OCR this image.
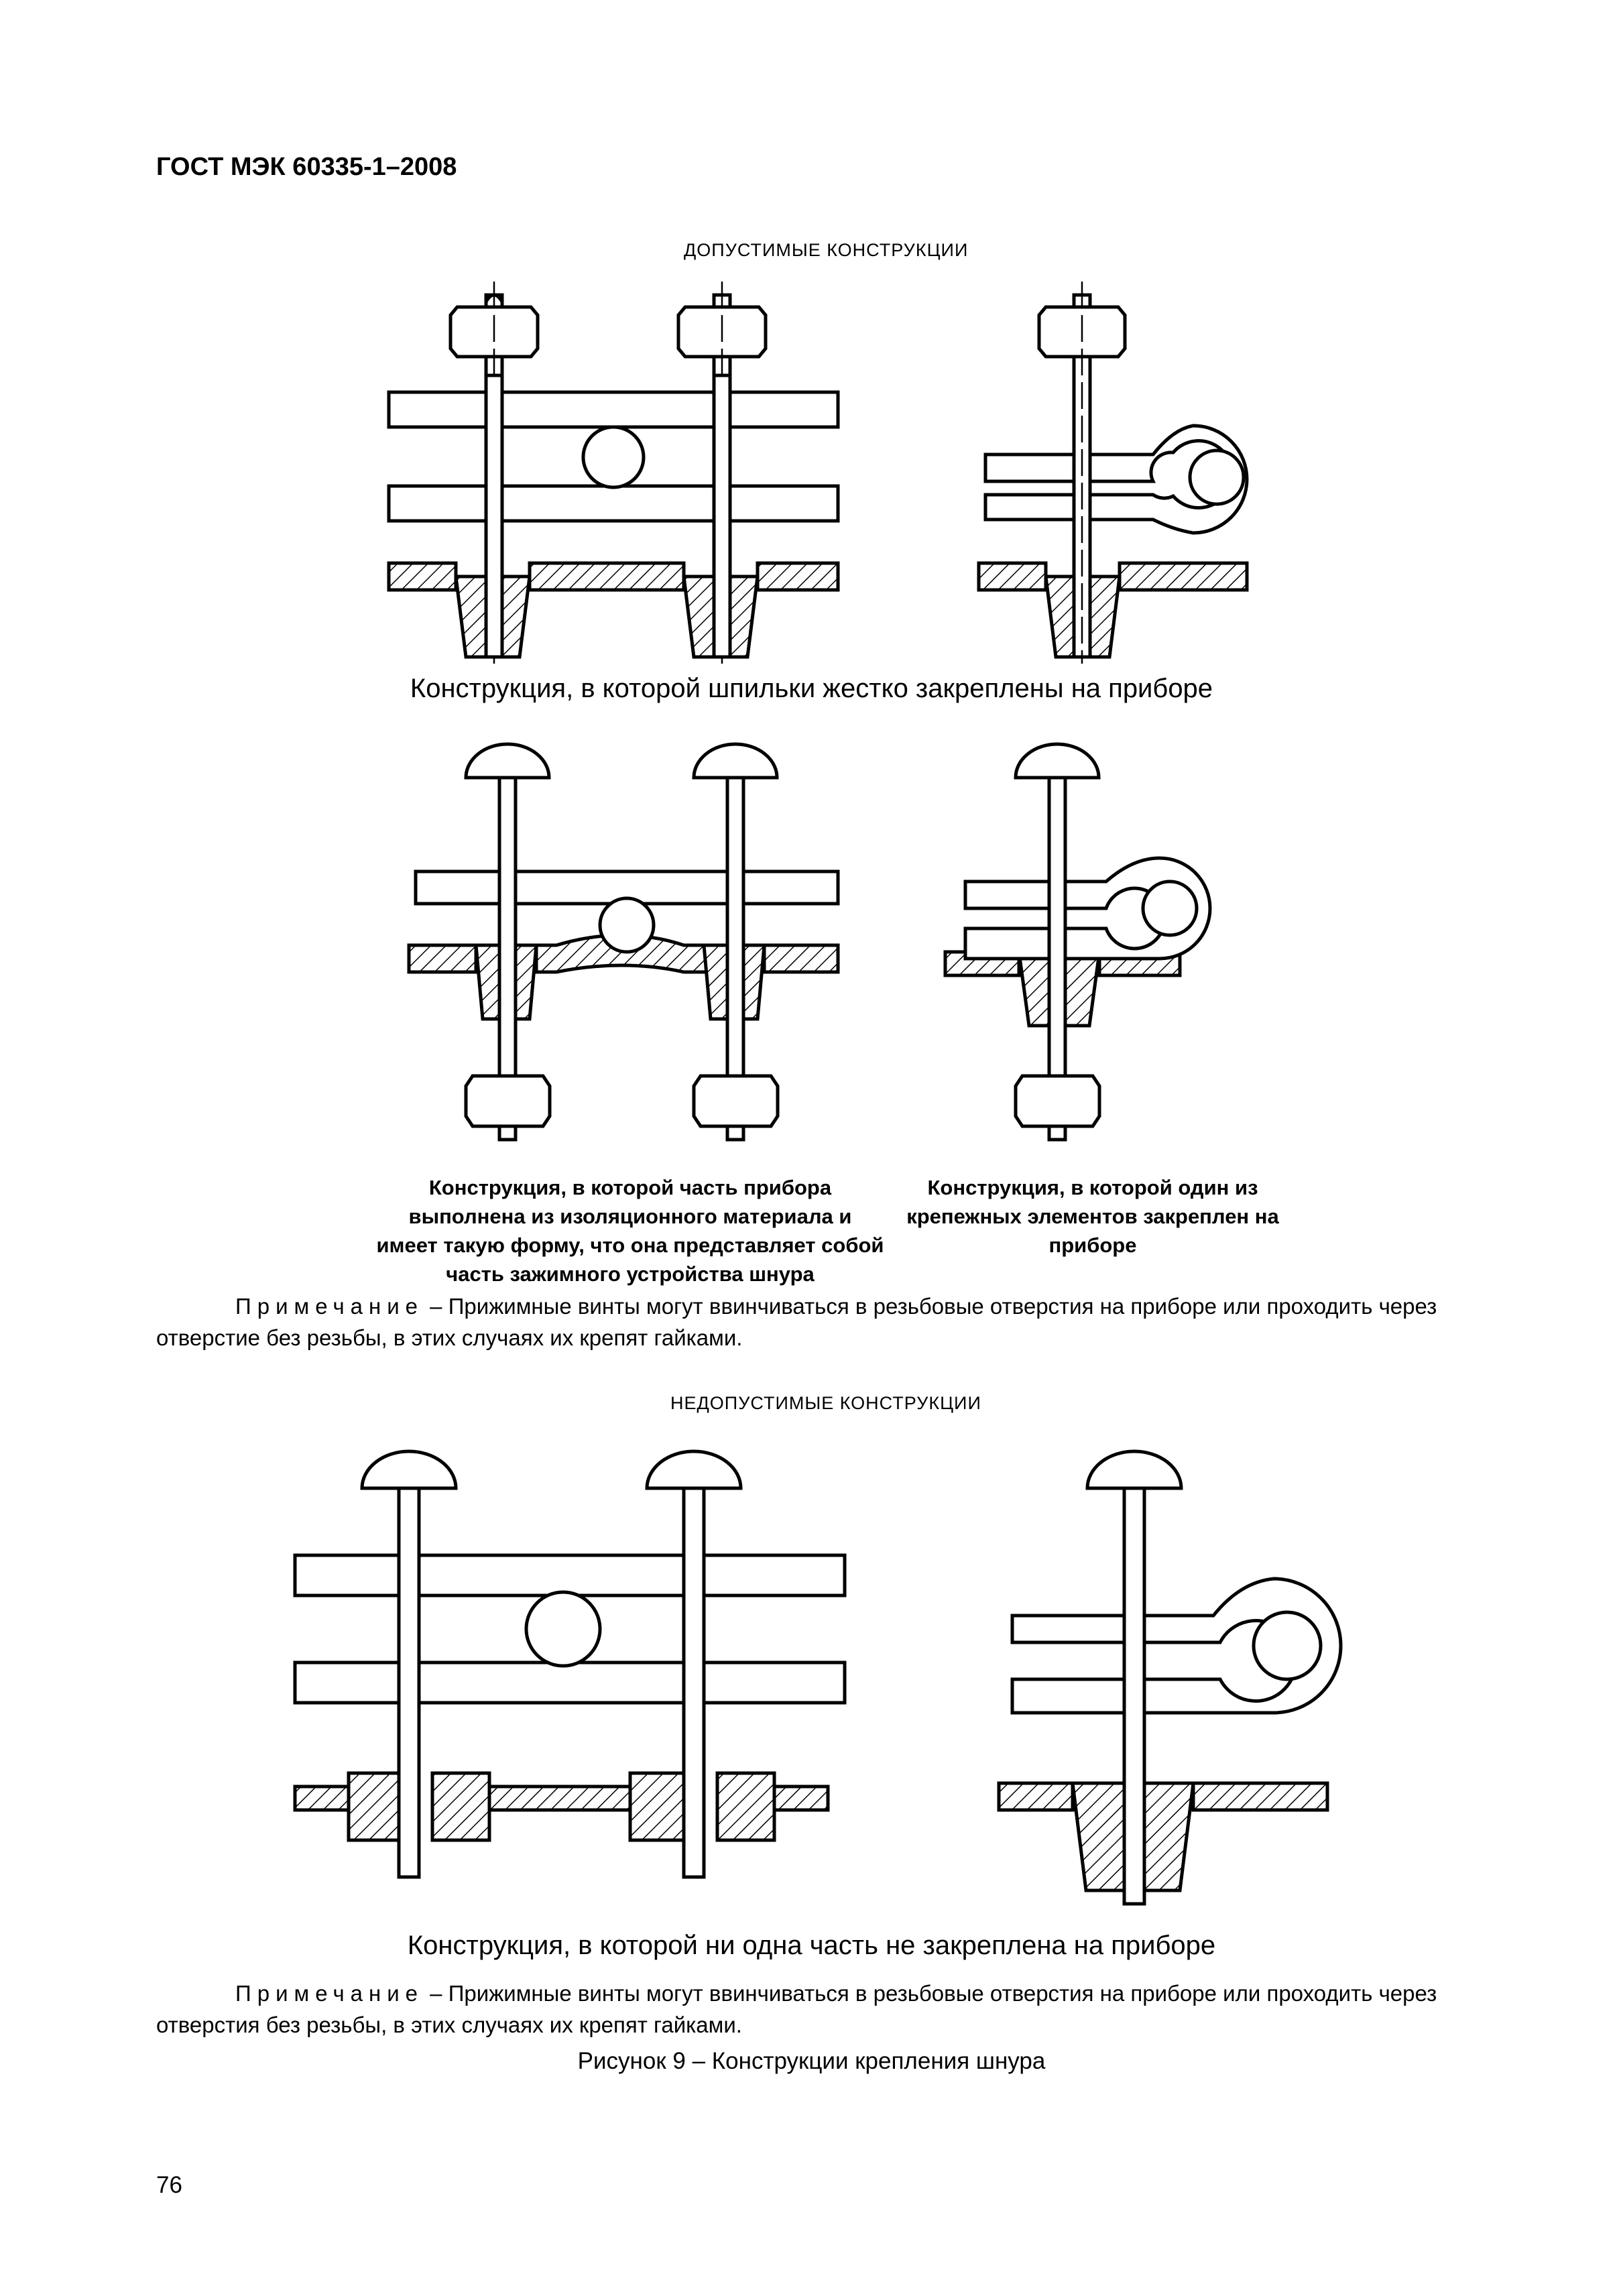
ГОСТ МЭК 60335-1–2008
ДОПУСТИМЫЕ КОНСТРУКЦИИ
Конструкция, в которой шпильки жестко закреплены на приборе
Конструкция, в которой часть прибора выполнена из изоляционного материала и имеет такую форму, что она представляет собой часть зажимного устройства шнура
Конструкция, в которой один из крепежных элементов закреплен на приборе
Примечание – Прижимные винты могут ввинчиваться в резьбовые отверстия на приборе или проходить через отверстие без резьбы, в этих случаях их крепят гайками.
НЕДОПУСТИМЫЕ КОНСТРУКЦИИ
Конструкция, в которой ни одна часть не закреплена на приборе
Примечание – Прижимные винты могут ввинчиваться в резьбовые отверстия на приборе или проходить через отверстия без резьбы, в этих случаях их крепят гайками.
Рисунок 9 – Конструкции крепления шнура
76
